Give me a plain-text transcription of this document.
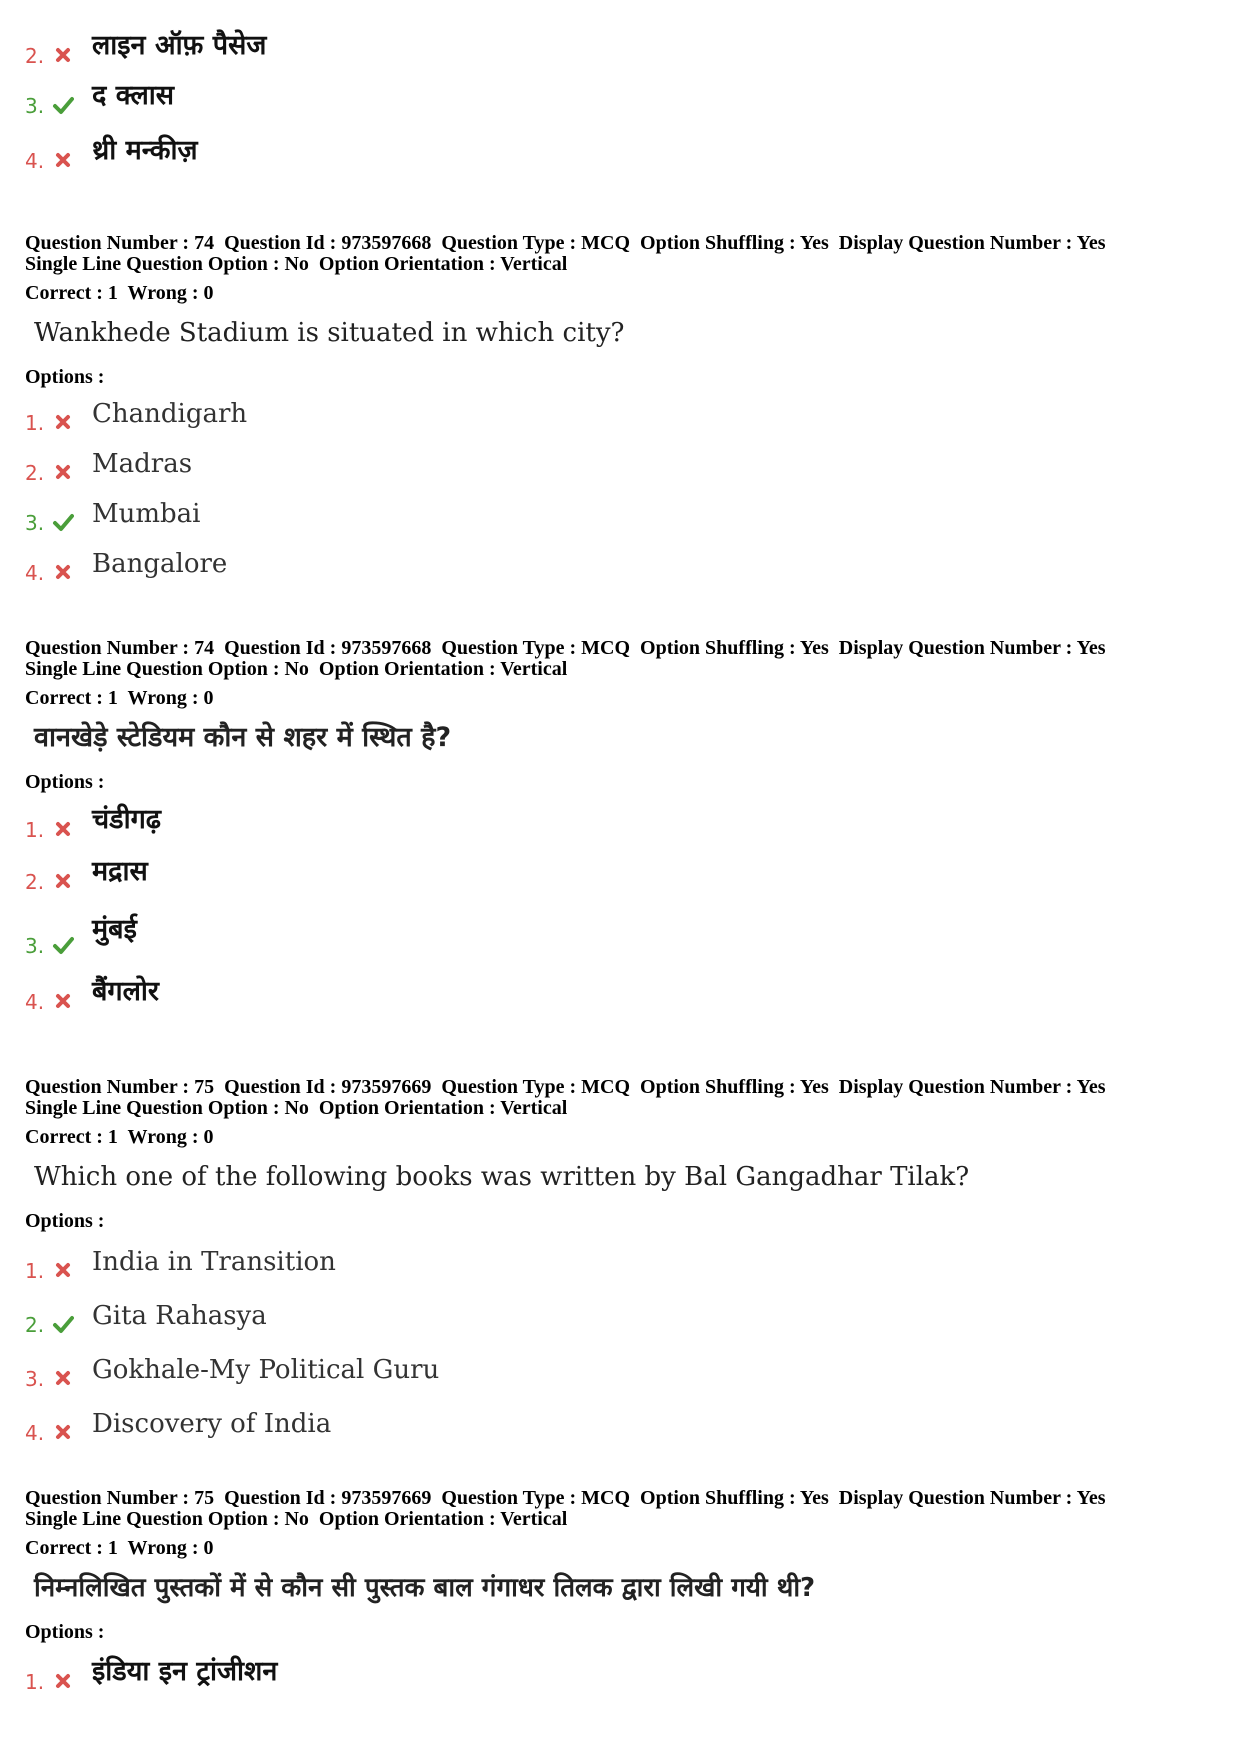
2. लाइन ऑफ़ पैसेज
3. द क्लास
4. थ्री मन्कीज़
Question Number : 74  Question Id : 973597668  Question Type : MCQ  Option Shuffling : Yes  Display Question Number : Yes
Single Line Question Option : No  Option Orientation : Vertical
Correct : 1  Wrong : 0
Wankhede Stadium is situated in which city?
Options :
1. Chandigarh
2. Madras
3. Mumbai
4. Bangalore
Question Number : 74  Question Id : 973597668  Question Type : MCQ  Option Shuffling : Yes  Display Question Number : Yes
Single Line Question Option : No  Option Orientation : Vertical
Correct : 1  Wrong : 0
वानखेड़े स्टेडियम कौन से शहर में स्थित है?
Options :
1. चंडीगढ़
2. मद्रास
3.
मुंबई
4. बैंगलोर
Question Number : 75  Question Id : 973597669  Question Type : MCQ  Option Shuffling : Yes  Display Question Number : Yes
Single Line Question Option : No  Option Orientation : Vertical
Correct : 1  Wrong : 0
Which one of the following books was written by Bal Gangadhar Tilak?
Options :
1. India in Transition
2. Gita Rahasya
3. Gokhale-My Political Guru
4. Discovery of India
Question Number : 75  Question Id : 973597669  Question Type : MCQ  Option Shuffling : Yes  Display Question Number : Yes
Single Line Question Option : No  Option Orientation : Vertical
Correct : 1  Wrong : 0
निम्नलिखित पुस्तकों में से कौन सी पुस्तक बाल गंगाधर तिलक द्वारा लिखी गयी थी?
Options :
1. इंडिया इन ट्रांजीशन
